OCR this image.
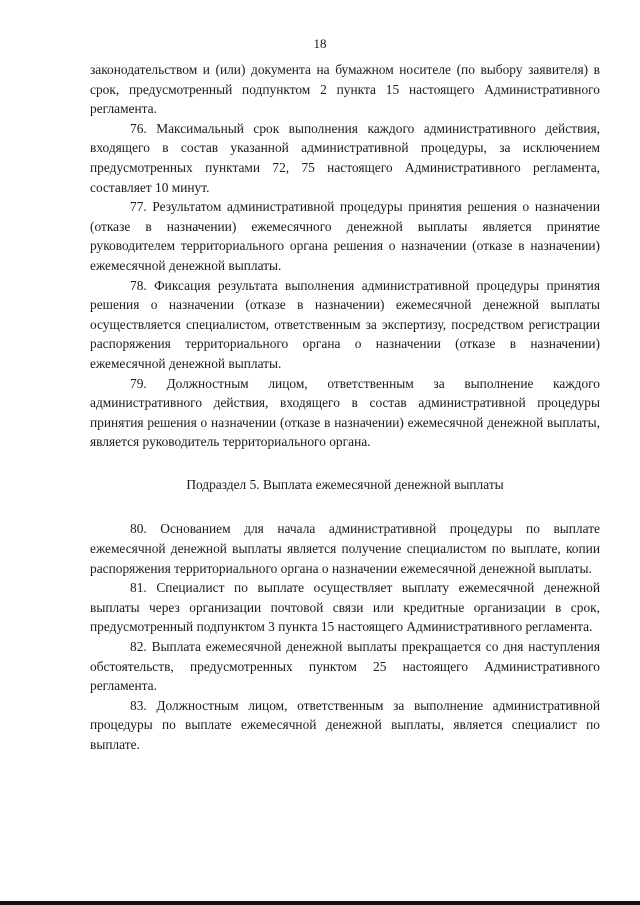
18

законодательством и (или) документа на бумажном носителе (по выбору заявителя) в срок, предусмотренный подпунктом 2 пункта 15 настоящего Административного регламента.

76. Максимальный срок выполнения каждого административного действия, входящего в состав указанной административной процедуры, за исключением предусмотренных пунктами 72, 75 настоящего Административного регламента, составляет 10 минут.

77. Результатом административной процедуры принятия решения о назначении (отказе в назначении) ежемесячного денежной выплаты является принятие руководителем территориального органа решения о назначении (отказе в назначении) ежемесячной денежной выплаты.

78. Фиксация результата выполнения административной процедуры принятия решения о назначении (отказе в назначении) ежемесячной денежной выплаты осуществляется специалистом, ответственным за экспертизу, посредством регистрации распоряжения территориального органа о назначении (отказе в назначении) ежемесячной денежной выплаты.

79. Должностным лицом, ответственным за выполнение каждого административного действия, входящего в состав административной процедуры принятия решения о назначении (отказе в назначении) ежемесячной денежной выплаты, является руководитель территориального органа.

Подраздел 5. Выплата ежемесячной денежной выплаты

80. Основанием для начала административной процедуры по выплате ежемесячной денежной выплаты является получение специалистом по выплате, копии распоряжения территориального органа о назначении ежемесячной денежной выплаты.

81. Специалист по выплате осуществляет выплату ежемесячной денежной выплаты через организации почтовой связи или кредитные организации в срок, предусмотренный подпунктом 3 пункта 15 настоящего Административного регламента.

82. Выплата ежемесячной денежной выплаты прекращается со дня наступления обстоятельств, предусмотренных пунктом 25 настоящего Административного регламента.

83. Должностным лицом, ответственным за выполнение административной процедуры по выплате ежемесячной денежной выплаты, является специалист по выплате.
